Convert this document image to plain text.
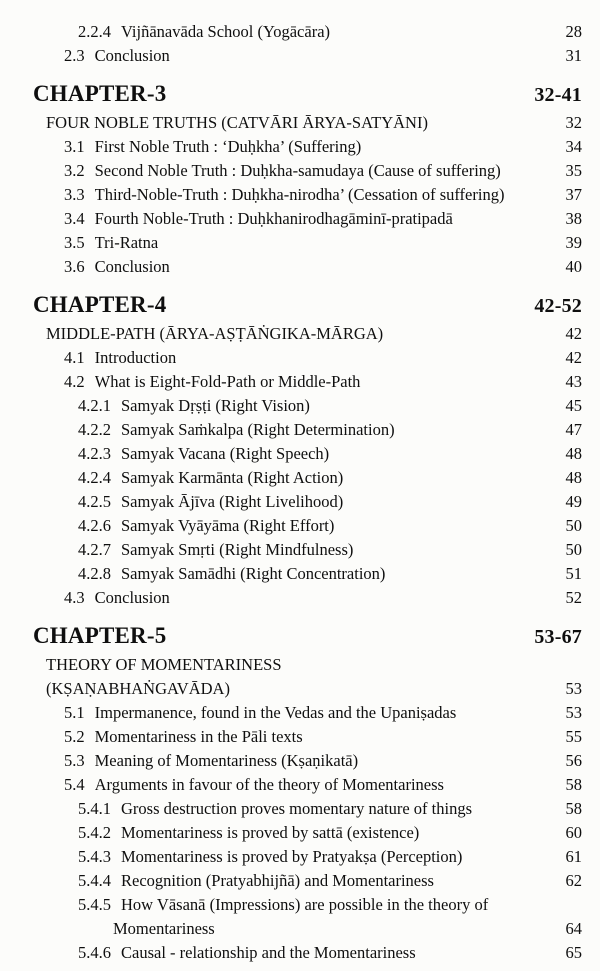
2.2.4 Vijñānavāda School (Yogācāra)	28
2.3 Conclusion	31
CHAPTER-3	32-41
FOUR NOBLE TRUTHS (CATVĀRI ĀRYA-SATYĀNI)	32
3.1 First Noble Truth : ‘Duḥkha’ (Suffering)	34
3.2 Second Noble Truth : Duḥkha-samudaya (Cause of suffering)	35
3.3 Third-Noble-Truth : Duḥkha-nirodha’ (Cessation of suffering)	37
3.4 Fourth Noble-Truth : Duḥkhanirodhagāminī-pratipadā	38
3.5 Tri-Ratna	39
3.6 Conclusion	40
CHAPTER-4	42-52
MIDDLE-PATH (ĀRYA-AṢṬĀṄGIKA-MĀRGA)	42
4.1 Introduction	42
4.2 What is Eight-Fold-Path or Middle-Path	43
4.2.1 Samyak Dṛṣṭi (Right Vision)	45
4.2.2 Samyak Saṁkalpa (Right Determination)	47
4.2.3 Samyak Vacana (Right Speech)	48
4.2.4 Samyak Karmānta (Right Action)	48
4.2.5 Samyak Ājīva (Right Livelihood)	49
4.2.6 Samyak Vyāyāma (Right Effort)	50
4.2.7 Samyak Smṛti (Right Mindfulness)	50
4.2.8 Samyak Samādhi (Right Concentration)	51
4.3 Conclusion	52
CHAPTER-5	53-67
THEORY OF MOMENTARINESS
(KṢAṆABHAṄGAVĀDA)	53
5.1 Impermanence, found in the Vedas and the Upaniṣadas	53
5.2 Momentariness in the Pāli texts	55
5.3 Meaning of Momentariness (Kṣaṇikatā)	56
5.4 Arguments in favour of the theory of Momentariness	58
5.4.1 Gross destruction proves momentary nature of things	58
5.4.2 Momentariness is proved by sattā (existence)	60
5.4.3 Momentariness is proved by Pratyakṣa (Perception)	61
5.4.4 Recognition (Pratyabhijñā) and Momentariness	62
5.4.5 How Vāsanā (Impressions) are possible in the theory of
Momentariness	64
5.4.6 Causal - relationship and the Momentariness	65
